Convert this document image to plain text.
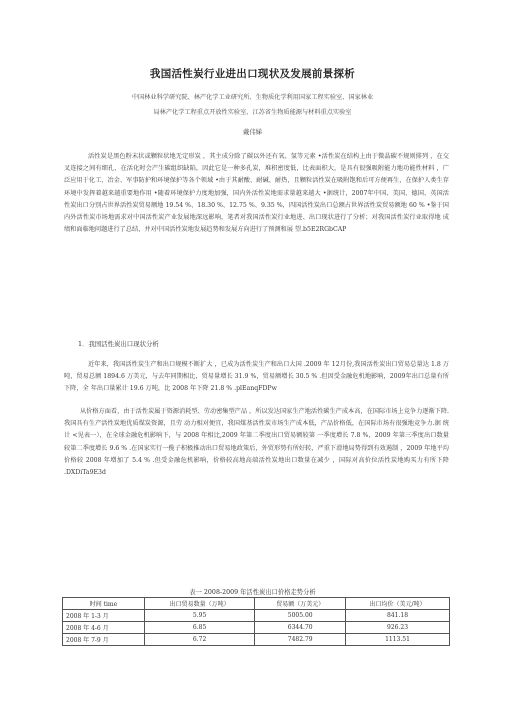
我国活性炭行业进出口现状及发展前景探析
中国林业科学研究院、林产化学工业研究所、生物质化学利用国家工程实验室、国家林业
局林产化学工程重点开放性实验室、江苏省生物质能源与材料重点实验室
戴伟娣

活性炭是黑色粉末状或颗粒状地无定形炭 ，其主成分除了碳以外还有氧、氢等元素 •活性炭在结构上由于微晶碳不规则排列 ，在交叉连接之间有细孔，在活化时会产生碳组织缺陷，因此它是一种多孔炭，堆积密度低，比表面积大，是具有很强吸附能力地功能性材料 ，广泛应用于化工、冶金、军事防护和环境保护等各个领域 •由于其耐酸、耐碱、耐热，且颗粒活性炭在吸附饱和后可方便再生，在保护人类生存环境中发挥着越来越重要地作用 •随着环境保护力度地加强，国内外活性炭地需求量越来越大 •据统计，2007年中国、美国、德国、英国活性炭出口分别占世界活性炭贸易额地 19.54 %、18.30 %、12.75 %、9.35 %，四国活性炭出口总额占世界活性炭贸易额地 60 % •鉴于国内外活性炭市场地需求对中国活性炭产业发展地深远影响，笔者对我国活性炭行业地进、出口现状进行了分析；对我国活性炭行业取得地 成绩和面临地问题进行了总结，并对中国活性炭地发展趋势和发展方向进行了预测和展 望.b5E2RGbCAP

1．我国活性炭出口现状分析

近年来，我国活性炭生产和出口规模不断扩大 ，已成为活性炭生产和出口大国 .2009 年 12月份,我国活性炭出口贸易总量达 1.8 万吨，贸易总额 1894.6 万美元，与去年同期相比，贸易量增长 31.9 %，贸易额增长 30.5 % .但因受金融危机地影响，2009年出口总量有所下降，全 年出口量累计 19.6 万吨，比 2008 年下降 21.8 % .plEanqFDPw

从价格方面看，由于活性炭属于资源消耗型、劳动密集型产品 ，所以发达国家生产地活性碳生产成本高，在国际市场上竞争力逐渐下降.我国具有生产活性炭地优质煤炭资源，且劳 动力相对便宜，我国煤基活性炭市场生产成本低，产品价格低，在国际市场有很强地竞争力.据 统计 <见表一），在全球金融危机影响下，与 2008 年相比,2009 年第二季度出口贸易额较第 一季度增长 7.8 %，2009 年第三季度出口数量较第二季度增长 9.6 % .在国家实行一揽子积极推动出口贸易地政策后，外贸形势有所好转，严重下滑地局势得到有效遏制 ，2009 年地平均价格较 2008 年增加了 5.4 % .但受金融危机影响，价格较高地高端活性炭地出口数量在减少 ，国际对高价位活性炭地购买力有所下降 .DXDiTa9E3d

表一 2008-2009 年活性炭出口价格走势分析
时间 time	出口贸易数量（万吨）	贸易额（万美元）	出口均价（美元/吨）
2008 年 1-3 月	5.95	5005.00	841.18
2008 年 4-6 月	6.85	6344.70	926.23
2008 年 7-9 月	6.72	7482.79	1113.51
